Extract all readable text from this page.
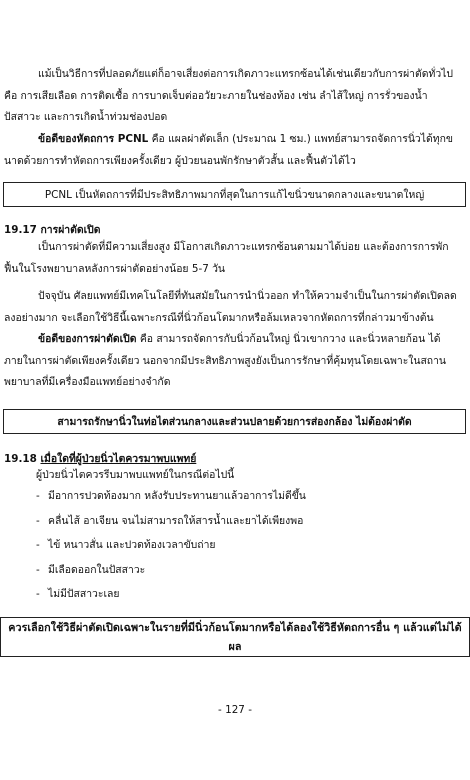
แม้เป็นวิธีการที่ปลอดภัยแต่ก็อาจเสี่ยงต่อการเกิดภาวะแทรกซ้อนได้เช่นเดียวกับการผ่าตัดทั่วไป คือ การเสียเลือด การติดเชื้อ การบาดเจ็บต่ออวัยวะภายในช่องท้อง เช่น ลำไส้ใหญ่ การรั่วของน้ำปัสสาวะ และการเกิดน้ำท่วมช่องปอด

ข้อดีของหัตถการ PCNL คือ แผลผ่าตัดเล็ก (ประมาณ 1 ซม.) แพทย์สามารถจัดการนิ่วได้ทุกขนาดด้วยการทำหัตถการเพียงครั้งเดียว ผู้ป่วยนอนพักรักษาตัวสั้น และฟื้นตัวได้ไว

PCNL เป็นหัตถการที่มีประสิทธิภาพมากที่สุดในการแก้ไขนิ่วขนาดกลางและขนาดใหญ่
19.17 การผ่าตัดเปิด

เป็นการผ่าตัดที่มีความเสี่ยงสูง มีโอกาสเกิดภาวะแทรกซ้อนตามมาได้บ่อย และต้องการการพักฟื้นในโรงพยาบาลหลังการผ่าตัดอย่างน้อย 5-7 วัน

ปัจจุบัน ศัลยแพทย์มีเทคโนโลยีที่ทันสมัยในการนำนิ่วออก ทำให้ความจำเป็นในการผ่าตัดเปิดลดลงอย่างมาก จะเลือกใช้วิธีนี้เฉพาะกรณีที่นิ่วก้อนโตมากหรือล้มเหลวจากหัตถการที่กล่าวมาข้างต้น

ข้อดีของการผ่าตัดเปิด คือ สามารถจัดการกับนิ่วก้อนใหญ่ นิ่วเขากวาง และนิ่วหลายก้อน ได้ภายในการผ่าตัดเพียงครั้งเดียว นอกจากมีประสิทธิภาพสูงยังเป็นการรักษาที่คุ้มทุนโดยเฉพาะในสถานพยาบาลที่มีเครื่องมือแพทย์อย่างจำกัด

สามารถรักษานิ่วในท่อไตส่วนกลางและส่วนปลายด้วยการส่องกล้อง ไม่ต้องผ่าตัด
19.18 เมื่อใดที่ผู้ป่วยนิ่วไตควรมาพบแพทย์
ผู้ป่วยนิ่วไตควรรีบมาพบแพทย์ในกรณีต่อไปนี้
- มีอาการปวดท้องมาก หลังรับประทานยาแล้วอาการไม่ดีขึ้น
- คลื่นไส้ อาเจียน จนไม่สามารถให้สารน้ำและยาได้เพียงพอ
- ไข้ หนาวสั่น และปวดท้องเวลาขับถ่าย
- มีเลือดออกในปัสสาวะ
- ไม่มีปัสสาวะเลย
ควรเลือกใช้วิธีผ่าตัดเปิดเฉพาะในรายที่มีนิ่วก้อนโตมากหรือได้ลองใช้วิธีหัตถการอื่น ๆ แล้วแต่ไม่ได้ผล
- 127 -
